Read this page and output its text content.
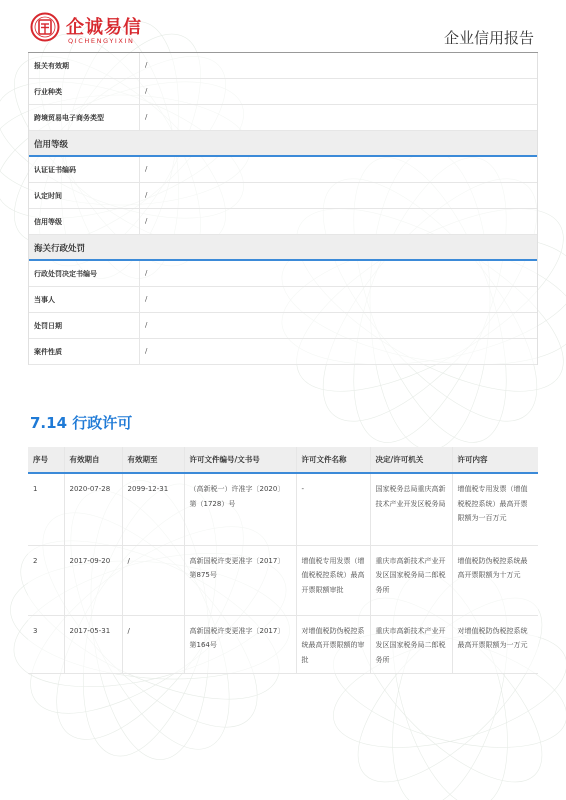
企诚易信
QICHENGYIXIN	企业信用报告
报关有效期	/
行业种类	/
跨境贸易电子商务类型	/
信用等级
认证证书编码	/
认定时间	/
信用等级	/
海关行政处罚
行政处罚决定书编号	/
当事人	/
处罚日期	/
案件性质	/
7.14 行政许可
序号	有效期自	有效期至	许可文件编号/文书号	许可文件名称	决定/许可机关	许可内容
1	2020-07-28	2099-12-31	（高新税一）许准字〔2020〕第（1728）号	-	国家税务总局重庆高新技术产业开发区税务局	增值税专用发票（增值税税控系统）最高开票限额为一百万元
2	2017-09-20	/	高新国税许变更准字〔2017〕第875号	增值税专用发票（增值税税控系统）最高开票限额审批	重庆市高新技术产业开发区国家税务局二郎税务所	增值税防伪税控系统最高开票限额为十万元
3	2017-05-31	/	高新国税许变更准字〔2017〕第164号	对增值税防伪税控系统最高开票限额的审批	重庆市高新技术产业开发区国家税务局二郎税务所	对增值税防伪税控系统最高开票限额为一万元
